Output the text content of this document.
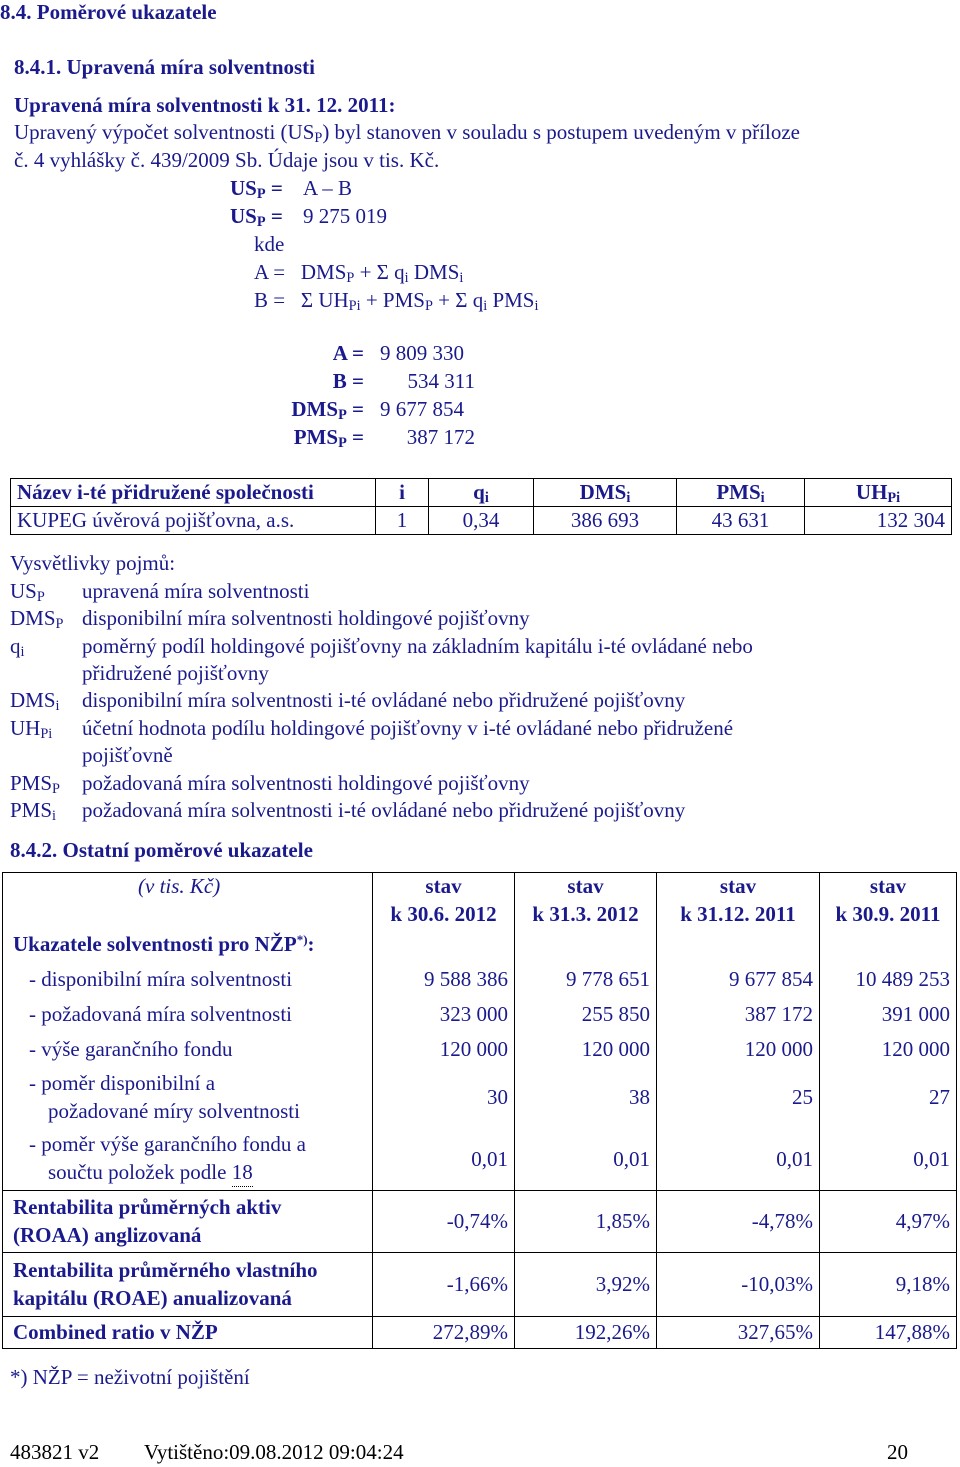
8.4. Poměrové ukazatele
8.4.1. Upravená míra solventnosti
Upravená míra solventnosti k 31. 12. 2011:
Upravený výpočet solventnosti $(US_P)$ byl stanoven v souladu s postupem uvedeným v příloze
č. 4 vyhlášky č. 439/2009 Sb. Údaje jsou v tis. Kč.
$US_P = A - B$
$US_P = 9$ 275 019
kde
$A = DMS_P + \Sigma$ $q_i$ $DMS_i$
B = Σ $UH_{Pi} + PMS_P + \Sigma$ $q_i$ $PMS_i$
A = 9 809 330
B =	534 311
$DMS_P = 9$ 677 854
$PMS_P$ =	387 172
Název i-té přidružené společnosti	i	$q_i$	$DMS_i$	$PMS_i$	$UH_{Pi}$
KUPEG úvěrová pojišťovna, a.s.	1	0,34	386 693	43 631	132 304
Vysvětlivky pojmů:
$US_P$ upravená míra solventnosti
$DMS_P$ disponibilní míra solventnosti holdingové pojišťovny
$q_i$	poměrný podíl holdingové pojišťovny na základním kapitálu i-té ovládané nebo
přidružené pojišťovny
$DMS_i$ disponibilní míra solventnosti i-té ovládané nebo přidružené pojišťovny
$UH_{Pi}$ účetní hodnota podílu holdingové pojišťovny v i-té ovládané nebo přidružené
pojišťovně
$PMS_P$ požadovaná míra solventnosti holdingové pojišťovny
$PMS_i$ požadovaná míra solventnosti i-té ovládané nebo přidružené pojišťovny
8.4.2. Ostatní poměrové ukazatele
(v tis. Kč)	stav	stav	stav	stav
	k 30.6. 2012	k 31.3. 2012	k 31.12. 2011	k 30.9. 2011
Ukazatele solventnosti pro NŽP*):				
- disponibilní míra solventnosti	9 588 386	9 778 651	9 677 854	10 489 253
- požadovaná míra solventnosti	323 000	255 850	387 172	391 000
- výše garančního fondu	120 000	120 000	120 000	120 000
- poměr disponibilní a
požadované míry solventnosti	30	38	25	27
- poměr výše garančního fondu a
součtu položek podle 18	0,01	0,01	0,01	0,01
Rentabilita průměrných aktiv
(ROAA) anglizovaná	-0,74%	1,85%	-4,78%	4,97%
Rentabilita průměrného vlastního
kapitálu (ROAE) anualizovaná	-1,66%	3,92%	-10,03%	9,18%
Combined ratio v NŽP	272,89%	192,26%	327,65%	147,88%
*) NŽP = neživotní pojištění
483821 v2 Vytištěno:09.08.2012 09:04:24	20
